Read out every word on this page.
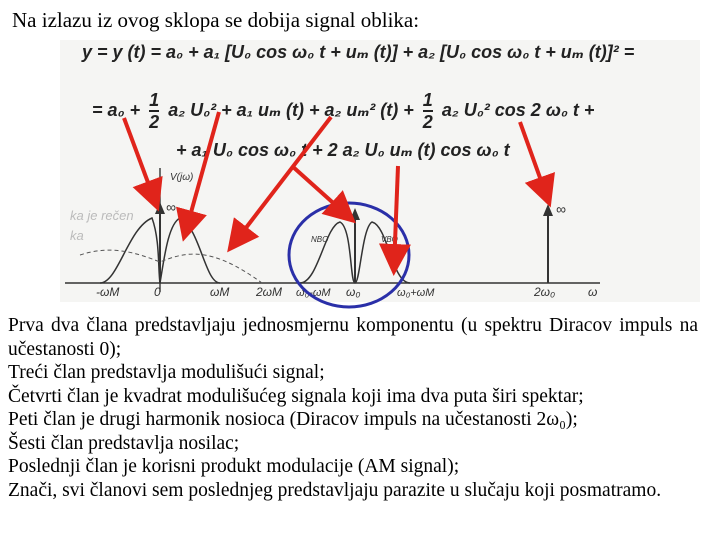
Na izlazu iz ovog sklopa se dobija signal oblika:
y = y (t) = a₀ + a₁ [U₀ cos ω₀ t + uₘ (t)] + a₂ [U₀ cos ω₀ t + uₘ (t)]² =
= $a_0 + \frac{1}{2} a_2$ U₀² + a₁ uₘ (t) + a₂ uₘ² $(t) + \frac{1}{2} a_2$ U₀² cos 2 ω₀ t +
+ a₁ U₀ cos ω₀ t + 2 a₂ U₀ uₘ (t) cos ω₀ t
ka je rečen
ka
V(jω)
∞
NBO	VBO
∞
-ωM	0	ωM 2ωM ω₀-ωM ω₀	ω₀+ωM	2ω₀	ω

Prva dva člana predstavljaju jednosmjernu komponentu (u spektru Diracov impuls na učestanosti 0);

Treći član predstavlja modulišući signal;

Četvrti član je kvadrat modulišućeg signala koji ima dva puta širi spektar;

Peti član je drugi harmonik nosioca (Diracov impuls na učestanosti 2ω₀);

Šesti član predstavlja nosilac;

Poslednji član je korisni produkt modulacije (AM signal);

Znači, svi članovi sem poslednjeg predstavljaju parazite u slučaju koji posmatramo.
